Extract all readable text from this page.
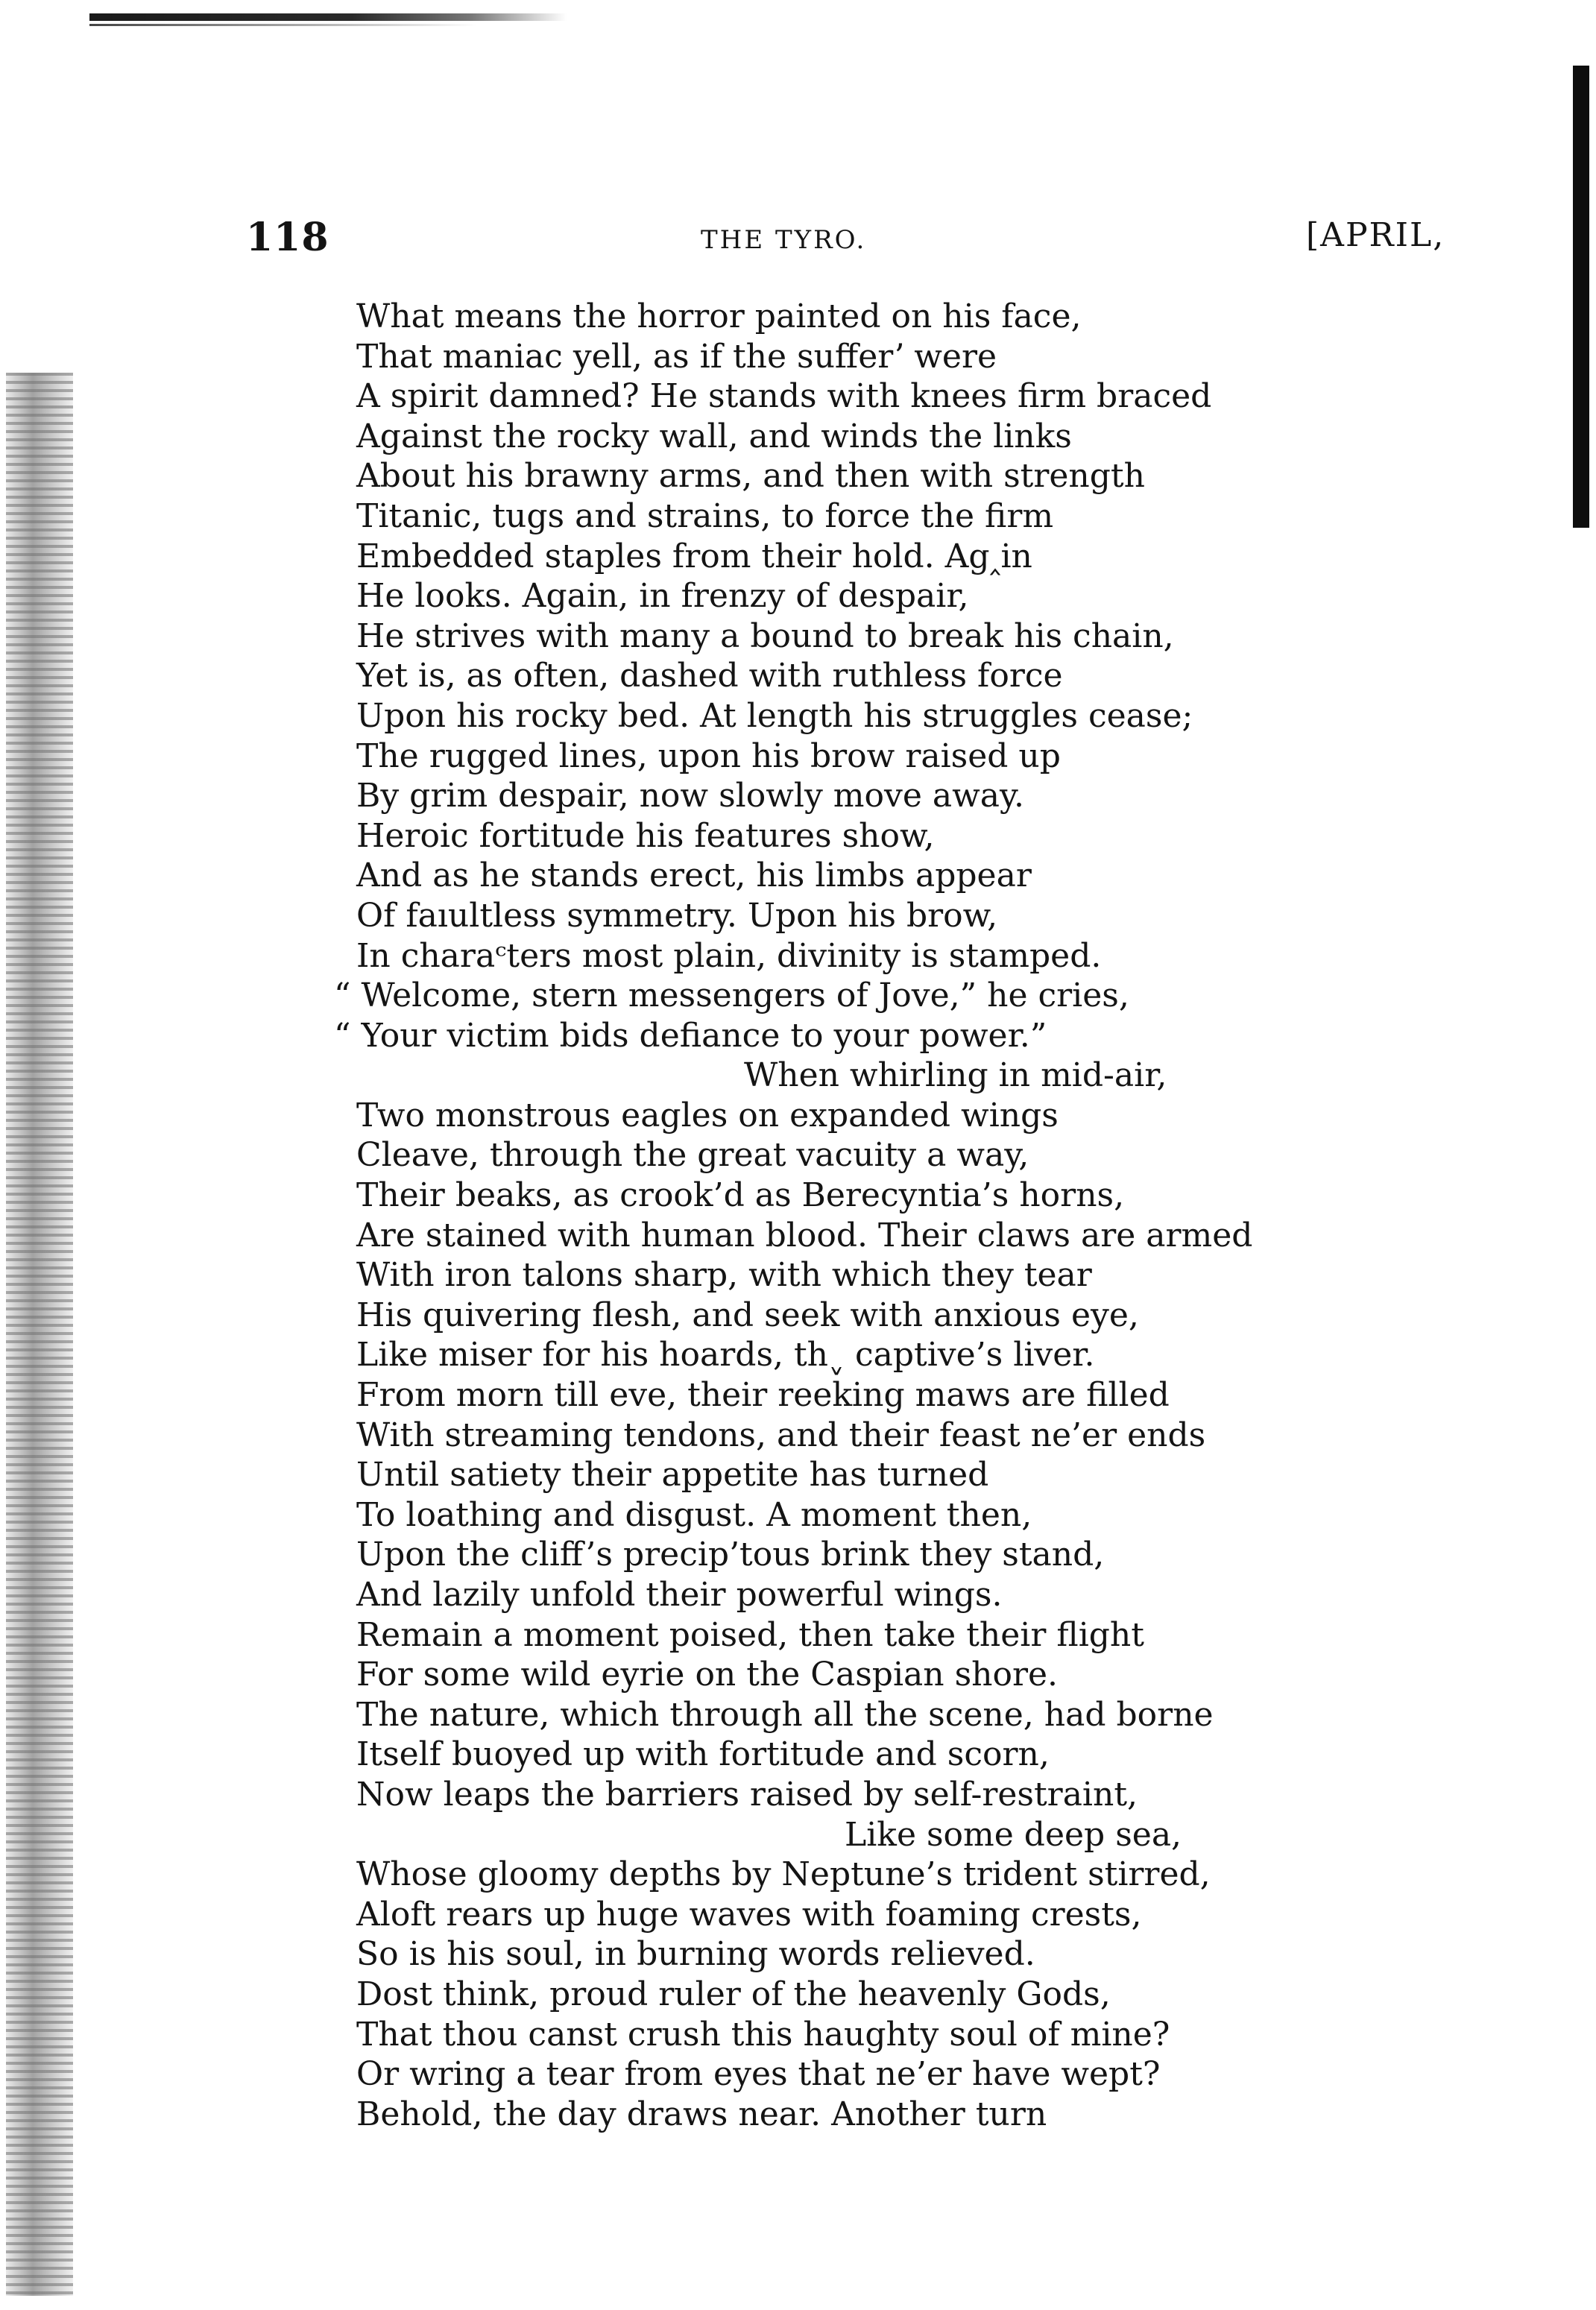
118	THE TYRO.	[APRIL,
What means the horror painted on his face,
That maniac yell, as if the sufferʼ were
A spirit damned? He stands with knees firm braced
Against the rocky wall, and winds the links
About his brawny arms, and then with strength
Titanic, tugs and strains, to force the firm
Embedded staples from their hold. Ag‸in
He looks. Again, in frenzy of despair,
He strives with many a bound to break his chain,
Yet is, as often, dashed with ruthless force
Upon his rocky bed. At length his struggles cease;
The rugged lines, upon his brow raised up
By grim despair, now slowly move away.
Heroic fortitude his features show,
And as he stands erect, his limbs appear
Of faıultless symmetry. Upon his brow,
In charaᶜters most plain, divinity is stamped.
“ Welcome, stern messengers of Jove,” he cries,
“ Your victim bids defiance to your power.”
When whirling in mid-air,
Two monstrous eagles on expanded wings
Cleave, through the great vacuity a way,
Their beaks, as crook’d as Berecyntia’s horns,
Are stained with human blood. Their claws are armed
With iron talons sharp, with which they tear
His quivering flesh, and seek with anxious eye,
Like miser for his hoards, thˬ captive’s liver.
From morn till eve, their reeking maws are filled
With streaming tendons, and their feast ne’er ends
Until satiety their appetite has turned
To loathing and disgust. A moment then,
Upon the cliff’s precip’tous brink they stand,
And lazily unfold their powerful wings.
Remain a moment poised, then take their flight
For some wild eyrie on the Caspian shore.
The nature, which through all the scene, had borne
Itself buoyed up with fortitude and scorn,
Now leaps the barriers raised by self-restraint,
Like some deep sea,
Whose gloomy depths by Neptune’s trident stirred,
Aloft rears up huge waves with foaming crests,
So is his soul, in burning words relieved.
Dost think, proud ruler of the heavenly Gods,
That thou canst crush this haughty soul of mine?
Or wring a tear from eyes that ne’er have wept?
Behold, the day draws near. Another turn
